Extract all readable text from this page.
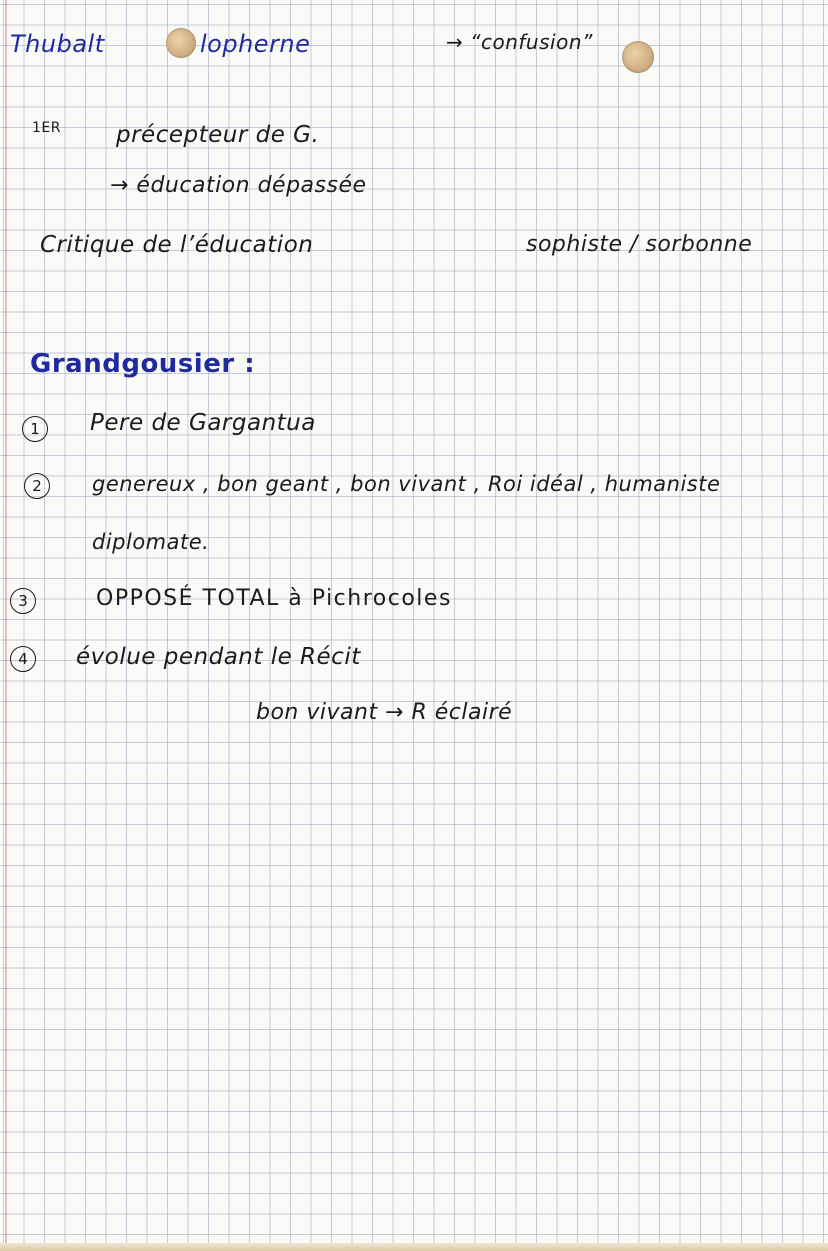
Thubalt	lopherne	→ “confusion”
1ER précepteur de G.
→ éducation dépassée
Critique de l’éducation	sophiste / sorbonne
Grandgousier :
1	Pere de Gargantua
2	genereux , bon geant , bon vivant , Roi idéal , humaniste
diplomate.
3	OPPOSÉ TOTAL à Pichrocoles
4	évolue pendant le Récit
bon vivant → R éclairé
